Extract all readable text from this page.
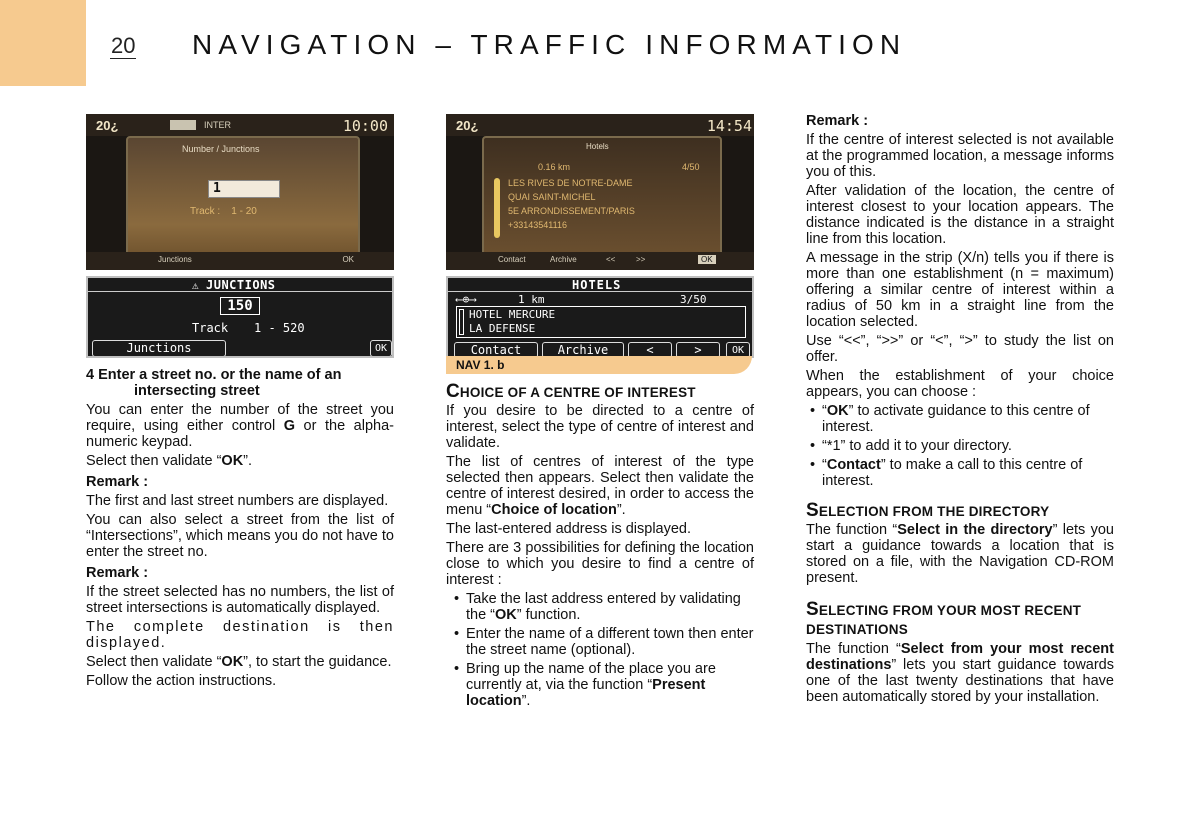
20 NAVIGATION – TRAFFIC INFORMATION
20¿	INTER	10:00
Number / Junctions
1
Track :    1 - 20
Junctions	OK
⚠ JUNCTIONS
150
Track 1 - 520
Junctions	OK
20¿	14:54
Hotels
0.16 km	4/50
LES RIVES DE NOTRE-DAME
QUAI SAINT-MICHEL
5E ARRONDISSEMENT/PARIS
+33143541116
Contact	Archive	<<	>>	OK
HOTELS
⟵⊕⟶	1 km	3/50
HOTEL MERCURE
LA DEFENSE
Contact	Archive	<	>	OK
NAV 1. b

4 Enter a street no. or the name of an intersecting street

You can enter the number of the street you require, using either control G or the alpha-numeric keypad.

Select then validate “OK”.

Remark :

The first and last street numbers are displayed.

You can also select a street from the list of “Intersections”, which means you do not have to enter the street no.

Remark :

If the street selected has no numbers, the list of street intersections is automatically displayed.

The complete destination is then displayed.

Select then validate “OK”, to start the guidance.

Follow the action instructions.

CHOICE OF A CENTRE OF INTEREST

If you desire to be directed to a centre of interest, select the type of centre of interest and validate.

The list of centres of interest of the type selected then appears. Select then validate the centre of interest desired, in order to access the menu “Choice of location”.

The last-entered address is displayed.

There are 3 possibilities for defining the location close to which you desire to find a centre of interest :

• Take the last address entered by validating the “OK” function.
• Enter the name of a different town then enter the street name (optional).
• Bring up the name of the place you are currently at, via the function “Present location”.

Remark :

If the centre of interest selected is not available at the programmed location, a message informs you of this.

After validation of the location, the centre of interest closest to your location appears. The distance indicated is the distance in a straight line from this location.

A message in the strip (X/n) tells you if there is more than one establishment (n = maximum) offering a similar centre of interest within a radius of 50 km in a straight line from the location selected.

Use “<<”, “>>” or “<”, “>” to study the list on offer.

When the establishment of your choice appears, you can choose :

• “OK” to activate guidance to this centre of interest.
• “*1” to add it to your directory.
• “Contact” to make a call to this centre of interest.
SELECTION FROM THE DIRECTORY

The function “Select in the directory” lets you start a guidance towards a location that is stored on a file, with the Navigation CD-ROM present.

SELECTING FROM YOUR MOST RECENT DESTINATIONS

The function “Select from your most recent destinations” lets you start guidance towards one of the last twenty destinations that have been automatically stored by your installation.
